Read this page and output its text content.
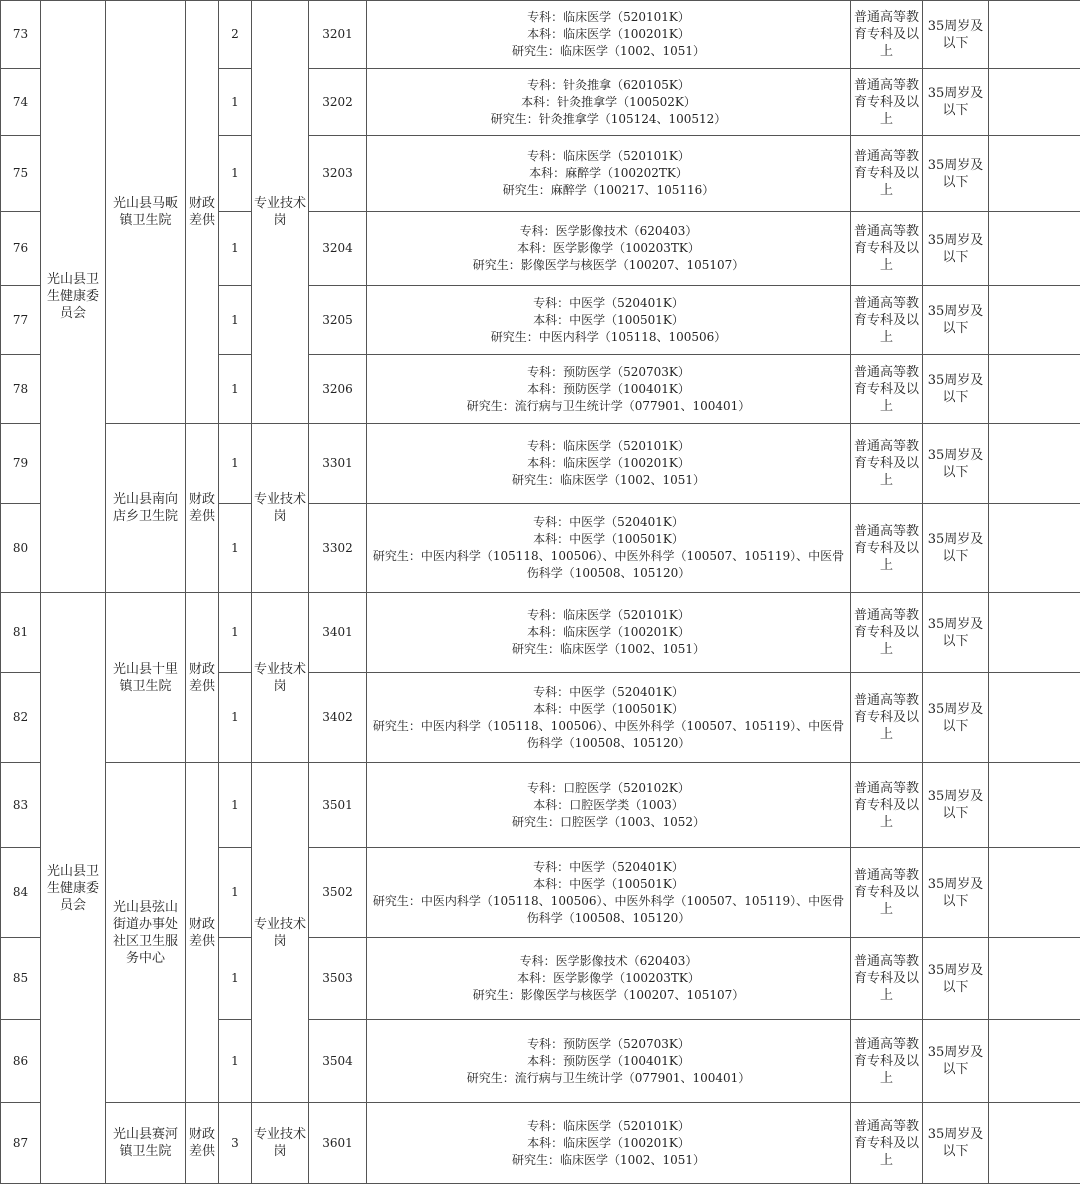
73	光山县卫生健康委员会	光山县马畈镇卫生院	财政差供	2	专业技术岗	3201	专科：临床医学（520101K）
本科：临床医学（100201K）
研究生：临床医学（1002、1051）	普通高等教育专科及以上	35周岁及以下	
74				1		3202	专科：针灸推拿（620105K）
本科：针灸推拿学（100502K）
研究生：针灸推拿学（105124、100512）	普通高等教育专科及以上	35周岁及以下	
75				1		3203	专科：临床医学（520101K）
本科：麻醉学（100202TK）
研究生：麻醉学（100217、105116）	普通高等教育专科及以上	35周岁及以下	
76				1		3204	专科：医学影像技术（620403）
本科：医学影像学（100203TK）
研究生：影像医学与核医学（100207、105107）	普通高等教育专科及以上	35周岁及以下	
77				1		3205	专科：中医学（520401K）
本科：中医学（100501K）
研究生：中医内科学（105118、100506）	普通高等教育专科及以上	35周岁及以下	
78				1		3206	专科：预防医学（520703K）
本科：预防医学（100401K）
研究生：流行病与卫生统计学（077901、100401）	普通高等教育专科及以上	35周岁及以下	
79		光山县南向店乡卫生院	财政差供	1	专业技术岗	3301	专科：临床医学（520101K）
本科：临床医学（100201K）
研究生：临床医学（1002、1051）	普通高等教育专科及以上	35周岁及以下	
80				1		3302	专科：中医学（520401K）
本科：中医学（100501K）
研究生：中医内科学（105118、100506）、中医外科学（100507、105119）、中医骨伤科学（100508、105120）	普通高等教育专科及以上	35周岁及以下	
81	光山县卫生健康委员会	光山县十里镇卫生院	财政差供	1	专业技术岗	3401	专科：临床医学（520101K）
本科：临床医学（100201K）
研究生：临床医学（1002、1051）	普通高等教育专科及以上	35周岁及以下	
82				1		3402	专科：中医学（520401K）
本科：中医学（100501K）
研究生：中医内科学（105118、100506）、中医外科学（100507、105119）、中医骨伤科学（100508、105120）	普通高等教育专科及以上	35周岁及以下	
83		光山县弦山街道办事处社区卫生服务中心	财政差供	1	专业技术岗	3501	专科：口腔医学（520102K）
本科：口腔医学类（1003）
研究生：口腔医学（1003、1052）	普通高等教育专科及以上	35周岁及以下	
84				1		3502	专科：中医学（520401K）
本科：中医学（100501K）
研究生：中医内科学（105118、100506）、中医外科学（100507、105119）、中医骨伤科学（100508、105120）	普通高等教育专科及以上	35周岁及以下	
85				1		3503	专科：医学影像技术（620403）
本科：医学影像学（100203TK）
研究生：影像医学与核医学（100207、105107）	普通高等教育专科及以上	35周岁及以下	
86				1		3504	专科：预防医学（520703K）
本科：预防医学（100401K）
研究生：流行病与卫生统计学（077901、100401）	普通高等教育专科及以上	35周岁及以下	
87		光山县赛河镇卫生院	财政差供	3	专业技术岗	3601	专科：临床医学（520101K）
本科：临床医学（100201K）
研究生：临床医学（1002、1051）	普通高等教育专科及以上	35周岁及以下	
